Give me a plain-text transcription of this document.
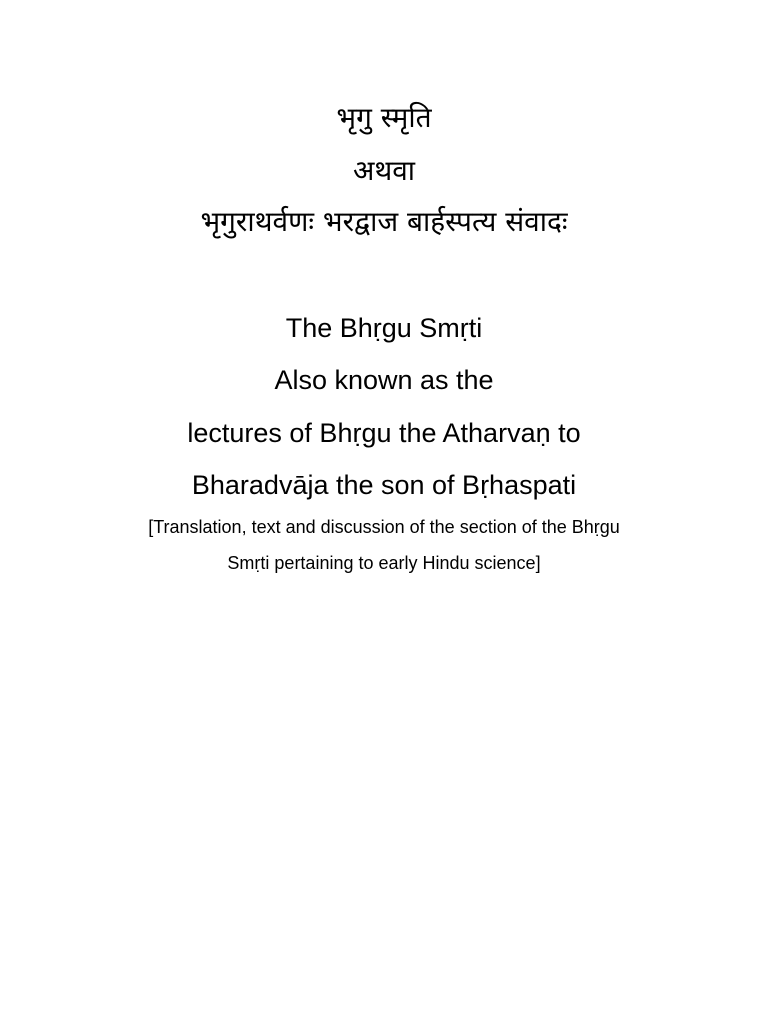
भृगु स्मृति
अथवा
भृगुराथर्वणः भरद्वाज बार्हस्पत्य संवादः
The Bhṛgu Smṛti
Also known as the
lectures of Bhṛgu the Atharvaṇ to
Bharadvāja the son of Bṛhaspati
[Translation, text and discussion of the section of the Bhṛgu
Smṛti pertaining to early Hindu science]
